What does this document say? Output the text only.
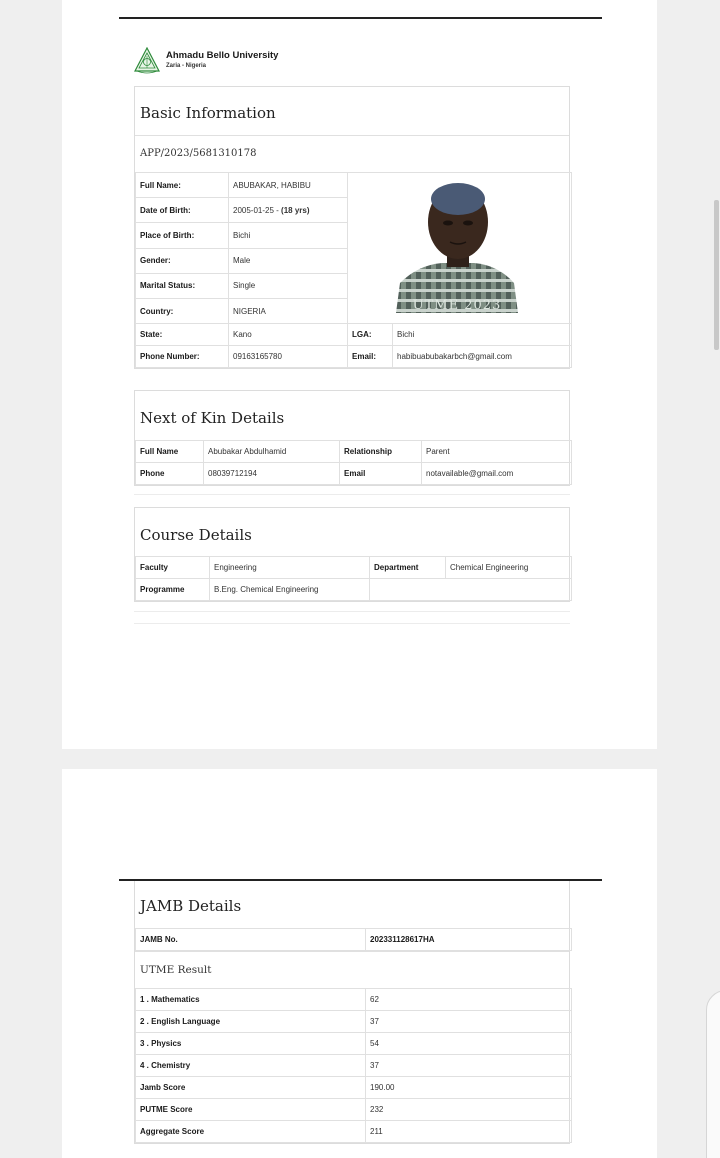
Ahmadu Bello University
Zaria - Nigeria
Basic Information
APP/2023/5681310178
Full Name:	ABUBAKAR, HABIBU	UTME 2023	

Date of Birth:	2005-01-25 - (18 yrs)		
Place of Birth:	Bichi		
Gender:	Male		
Marital Status:	Single		
Country:	NIGERIA		
State:	Kano	LGA:	Bichi
Phone Number:	09163165780	Email:	habibuabubakarbch@gmail.com
Next of Kin Details
Full Name	Abubakar Abdulhamid	Relationship	Parent
Phone	08039712194	Email	notavailable@gmail.com
Course Details
Faculty	Engineering	Department	Chemical Engineering
Programme	B.Eng. Chemical Engineering		
JAMB Details
JAMB No.	202331128617HA
UTME Result
1 . Mathematics	62
2 . English Language	37
3 . Physics	54
4 . Chemistry	37
Jamb Score	190.00
PUTME Score	232
Aggregate Score	211
